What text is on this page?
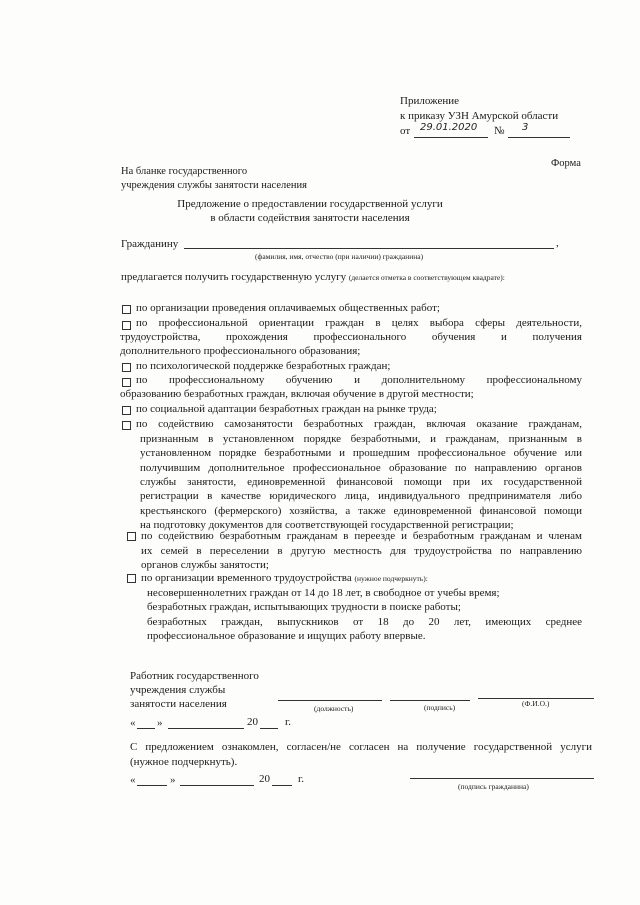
Приложение
к приказу УЗН Амурской области
от 29.01.2020 № 3
Форма
На бланке государственного
учреждения службы занятости населения
Предложение о предоставлении государственной услуги
в области содействия занятости населения
Гражданину	,
(фамилия, имя, отчество (при наличии) гражданина)
предлагается получить государственную услугу (делается отметка в соответствующем квадрате):
по организации проведения оплачиваемых общественных работ;
по профессиональной ориентации граждан в целях выбора сферы деятельности,
трудоустройства, прохождения профессионального обучения и получения
дополнительного профессионального образования;
по психологической поддержке безработных граждан;
по профессиональному обучению и дополнительному профессиональному
образованию безработных граждан, включая обучение в другой местности;
по социальной адаптации безработных граждан на рынке труда;
по содействию самозанятости безработных граждан, включая оказание гражданам,
признанным в установленном порядке безработными, и гражданам, признанным в
установленном порядке безработными и прошедшим профессиональное обучение или
получившим дополнительное профессиональное образование по направлению органов
службы занятости, единовременной финансовой помощи при их государственной
регистрации в качестве юридического лица, индивидуального предпринимателя либо
крестьянского (фермерского) хозяйства, а также единовременной финансовой помощи
на подготовку документов для соответствующей государственной регистрации;
по содействию безработным гражданам в переезде и безработным гражданам и членам
их семей в переселении в другую местность для трудоустройства по направлению
органов службы занятости;
по организации временного трудоустройства (нужное подчеркнуть):
несовершеннолетних граждан от 14 до 18 лет, в свободное от учебы время;
безработных граждан, испытывающих трудности в поиске работы;
безработных граждан, выпускников от 18 до 20 лет, имеющих среднее
профессиональное образование и ищущих работу впервые.
Работник государственного
учреждения службы
занятости населения	(должность)	(подпись)	(Ф.И.О.)
« »	20 г.
С предложением ознакомлен, согласен/не согласен на получение государственной услуги
(нужное подчеркнуть).
«	»	20	г.
(подпись гражданина)
